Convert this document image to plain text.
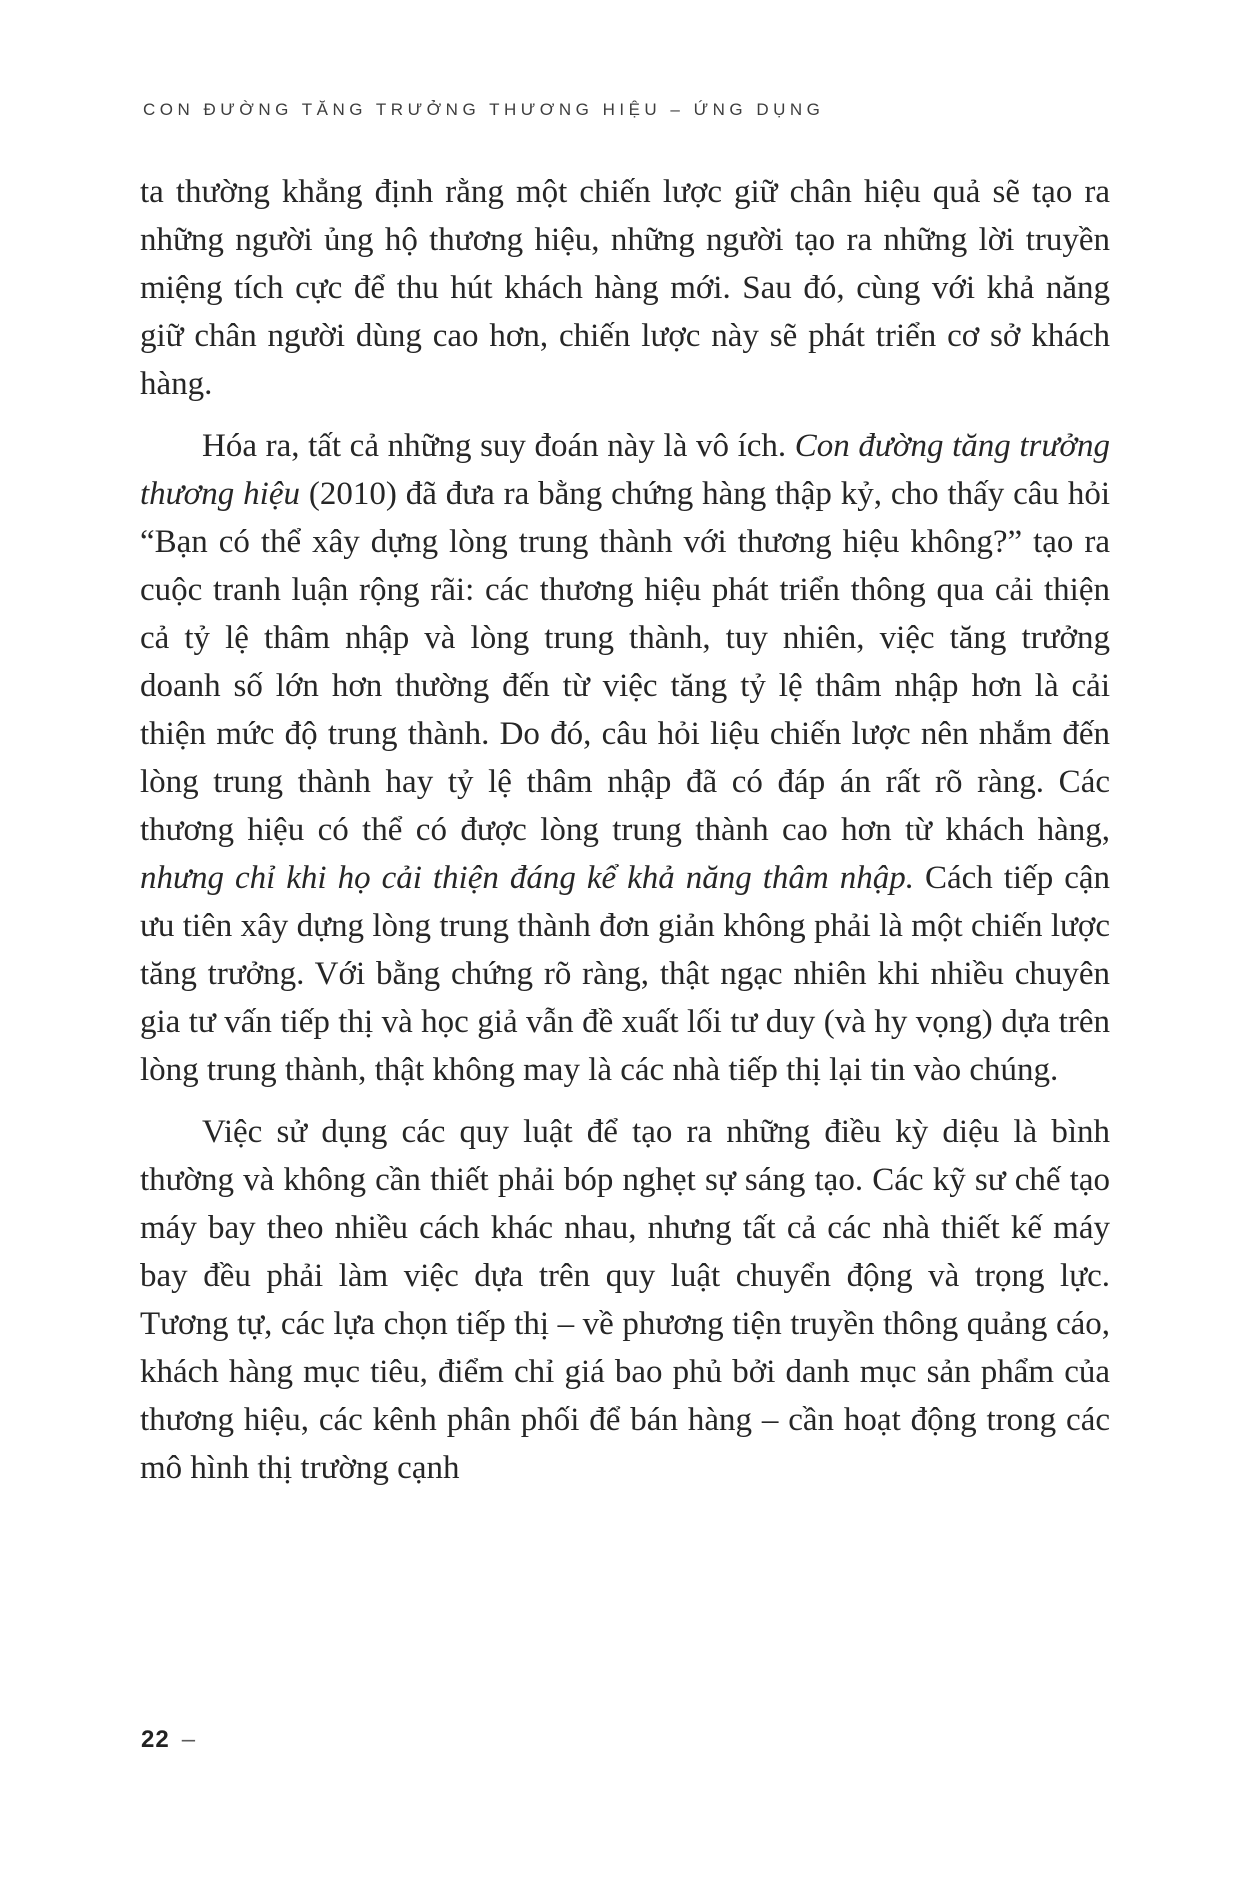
CON ĐƯỜNG TĂNG TRƯỞNG THƯƠNG HIỆU – ỨNG DỤNG

ta thường khẳng định rằng một chiến lược giữ chân hiệu quả sẽ tạo ra những người ủng hộ thương hiệu, những người tạo ra những lời truyền miệng tích cực để thu hút khách hàng mới. Sau đó, cùng với khả năng giữ chân người dùng cao hơn, chiến lược này sẽ phát triển cơ sở khách hàng.

Hóa ra, tất cả những suy đoán này là vô ích. Con đường tăng trưởng thương hiệu (2010) đã đưa ra bằng chứng hàng thập kỷ, cho thấy câu hỏi “Bạn có thể xây dựng lòng trung thành với thương hiệu không?” tạo ra cuộc tranh luận rộng rãi: các thương hiệu phát triển thông qua cải thiện cả tỷ lệ thâm nhập và lòng trung thành, tuy nhiên, việc tăng trưởng doanh số lớn hơn thường đến từ việc tăng tỷ lệ thâm nhập hơn là cải thiện mức độ trung thành. Do đó, câu hỏi liệu chiến lược nên nhắm đến lòng trung thành hay tỷ lệ thâm nhập đã có đáp án rất rõ ràng. Các thương hiệu có thể có được lòng trung thành cao hơn từ khách hàng, nhưng chỉ khi họ cải thiện đáng kể khả năng thâm nhập. Cách tiếp cận ưu tiên xây dựng lòng trung thành đơn giản không phải là một chiến lược tăng trưởng. Với bằng chứng rõ ràng, thật ngạc nhiên khi nhiều chuyên gia tư vấn tiếp thị và học giả vẫn đề xuất lối tư duy (và hy vọng) dựa trên lòng trung thành, thật không may là các nhà tiếp thị lại tin vào chúng.

Việc sử dụng các quy luật để tạo ra những điều kỳ diệu là bình thường và không cần thiết phải bóp nghẹt sự sáng tạo. Các kỹ sư chế tạo máy bay theo nhiều cách khác nhau, nhưng tất cả các nhà thiết kế máy bay đều phải làm việc dựa trên quy luật chuyển động và trọng lực. Tương tự, các lựa chọn tiếp thị – về phương tiện truyền thông quảng cáo, khách hàng mục tiêu, điểm chỉ giá bao phủ bởi danh mục sản phẩm của thương hiệu, các kênh phân phối để bán hàng – cần hoạt động trong các mô hình thị trường cạnh

22 –
